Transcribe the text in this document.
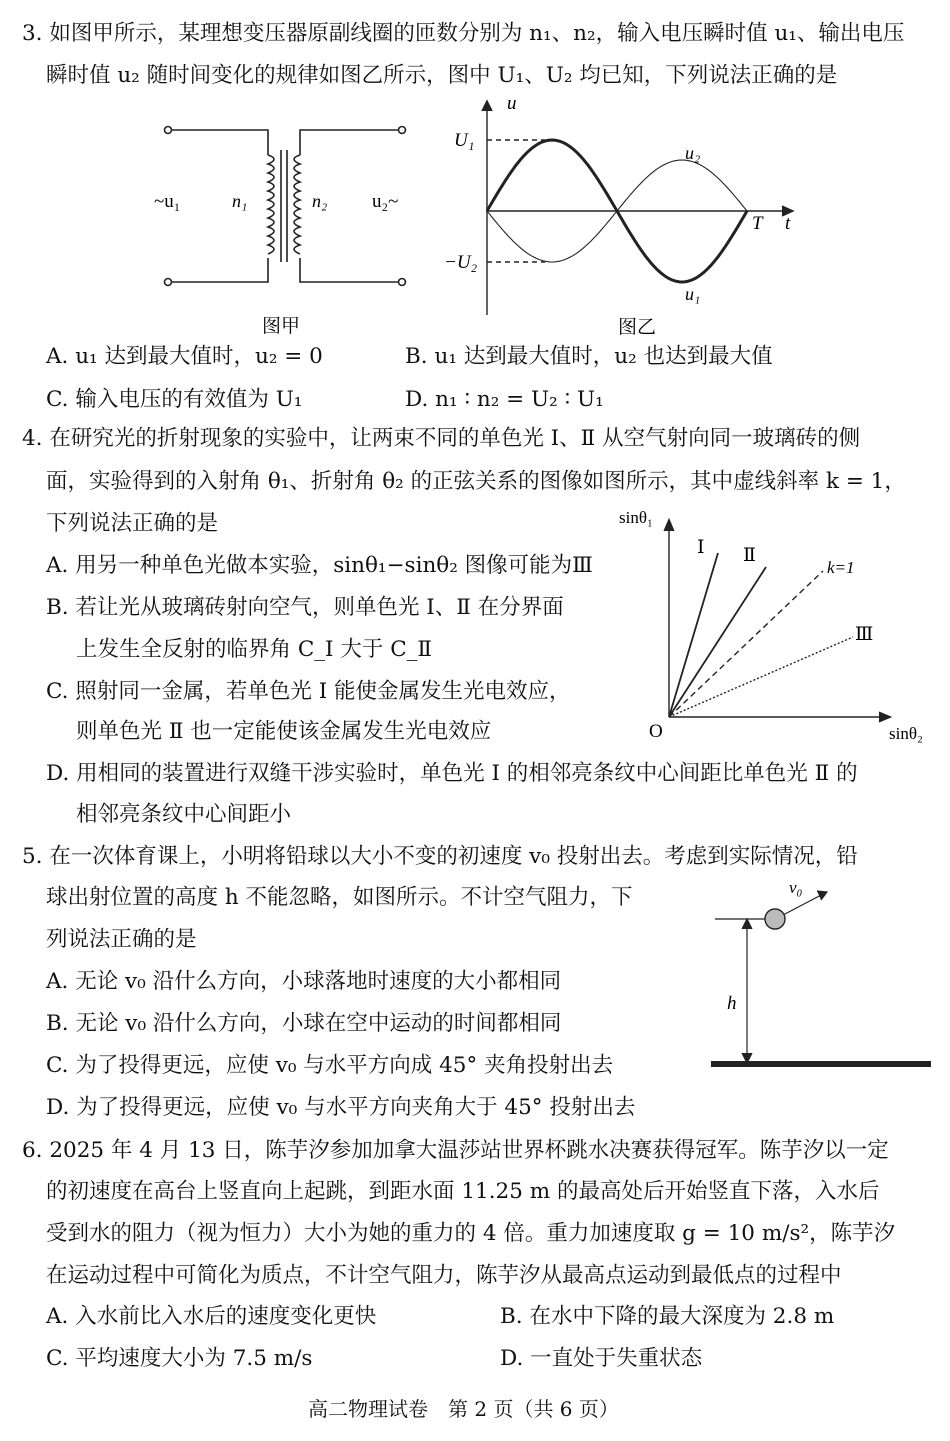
3. 如图甲所示，某理想变压器原副线圈的匝数分别为 n₁、n₂，输入电压瞬时值 u₁、输出电压
瞬时值 u₂ 随时间变化的规律如图乙所示，图中 U₁、U₂ 均已知，下列说法正确的是
~u₁	n₁	n₂ u₂~
图甲
u
t
U₁
−U₂
T
u₂
u₁
图乙
A. u₁ 达到最大值时，u₂ = 0	B. u₁ 达到最大值时，u₂ 也达到最大值
C. 输入电压的有效值为 U₁	D. n₁ ∶ n₂ = U₂ ∶ U₁
4. 在研究光的折射现象的实验中，让两束不同的单色光 Ⅰ、Ⅱ 从空气射向同一玻璃砖的侧
面，实验得到的入射角 θ₁、折射角 θ₂ 的正弦关系的图像如图所示，其中虚线斜率 k = 1，
下列说法正确的是
A. 用另一种单色光做本实验，sinθ₁−sinθ₂ 图像可能为Ⅲ
B. 若让光从玻璃砖射向空气，则单色光 Ⅰ、Ⅱ 在分界面
上发生全反射的临界角 C_Ⅰ 大于 C_Ⅱ
C. 照射同一金属，若单色光 Ⅰ 能使金属发生光电效应，
则单色光 Ⅱ 也一定能使该金属发生光电效应
D. 用相同的装置进行双缝干涉实验时，单色光 Ⅰ 的相邻亮条纹中心间距比单色光 Ⅱ 的
相邻亮条纹中心间距小
sinθ₁
sinθ₂
O
Ⅰ Ⅱ
k=1
Ⅲ
5. 在一次体育课上，小明将铅球以大小不变的初速度 v₀ 投射出去。考虑到实际情况，铅
球出射位置的高度 h 不能忽略，如图所示。不计空气阻力，下
列说法正确的是
A. 无论 v₀ 沿什么方向，小球落地时速度的大小都相同
B. 无论 v₀ 沿什么方向，小球在空中运动的时间都相同
C. 为了投得更远，应使 v₀ 与水平方向成 45° 夹角投射出去
D. 为了投得更远，应使 v₀ 与水平方向夹角大于 45° 投射出去
v₀
h
6. 2025 年 4 月 13 日，陈芋汐参加加拿大温莎站世界杯跳水决赛获得冠军。陈芋汐以一定
的初速度在高台上竖直向上起跳，到距水面 11.25 m 的最高处后开始竖直下落，入水后
受到水的阻力（视为恒力）大小为她的重力的 4 倍。重力加速度取 g = 10 m/s²，陈芋汐
在运动过程中可简化为质点，不计空气阻力，陈芋汐从最高点运动到最低点的过程中
A. 入水前比入水后的速度变化更快	B. 在水中下降的最大深度为 2.8 m
C. 平均速度大小为 7.5 m/s	D. 一直处于失重状态
高二物理试卷　第 2 页（共 6 页）
